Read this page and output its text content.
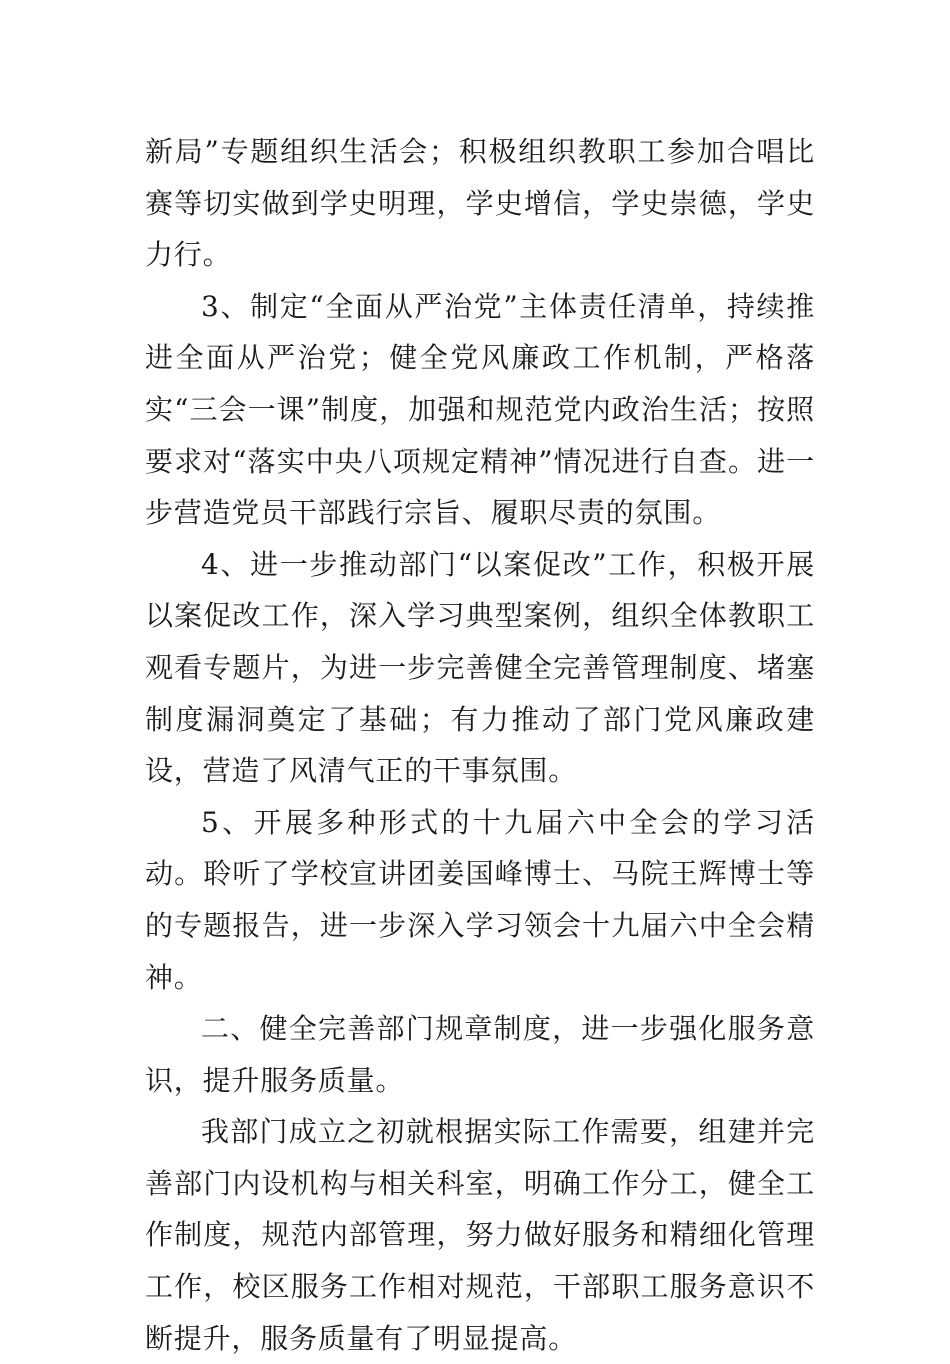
新局”专题组织生活会；积极组织教职工参加合唱比赛等切实做到学史明理，学史增信，学史崇德，学史力行。

3、制定“全面从严治党”主体责任清单，持续推进全面从严治党；健全党风廉政工作机制，严格落实“三会一课”制度，加强和规范党内政治生活；按照要求对“落实中央八项规定精神”情况进行自查。进一步营造党员干部践行宗旨、履职尽责的氛围。

4、进一步推动部门“以案促改”工作，积极开展以案促改工作，深入学习典型案例，组织全体教职工观看专题片，为进一步完善健全完善管理制度、堵塞制度漏洞奠定了基础；有力推动了部门党风廉政建设，营造了风清气正的干事氛围。

5、开展多种形式的十九届六中全会的学习活动。聆听了学校宣讲团姜国峰博士、马院王辉博士等的专题报告，进一步深入学习领会十九届六中全会精神。

二、健全完善部门规章制度，进一步强化服务意识，提升服务质量。

我部门成立之初就根据实际工作需要，组建并完善部门内设机构与相关科室，明确工作分工，健全工作制度，规范内部管理，努力做好服务和精细化管理工作，校区服务工作相对规范，干部职工服务意识不断提升，服务质量有了明显提高。
